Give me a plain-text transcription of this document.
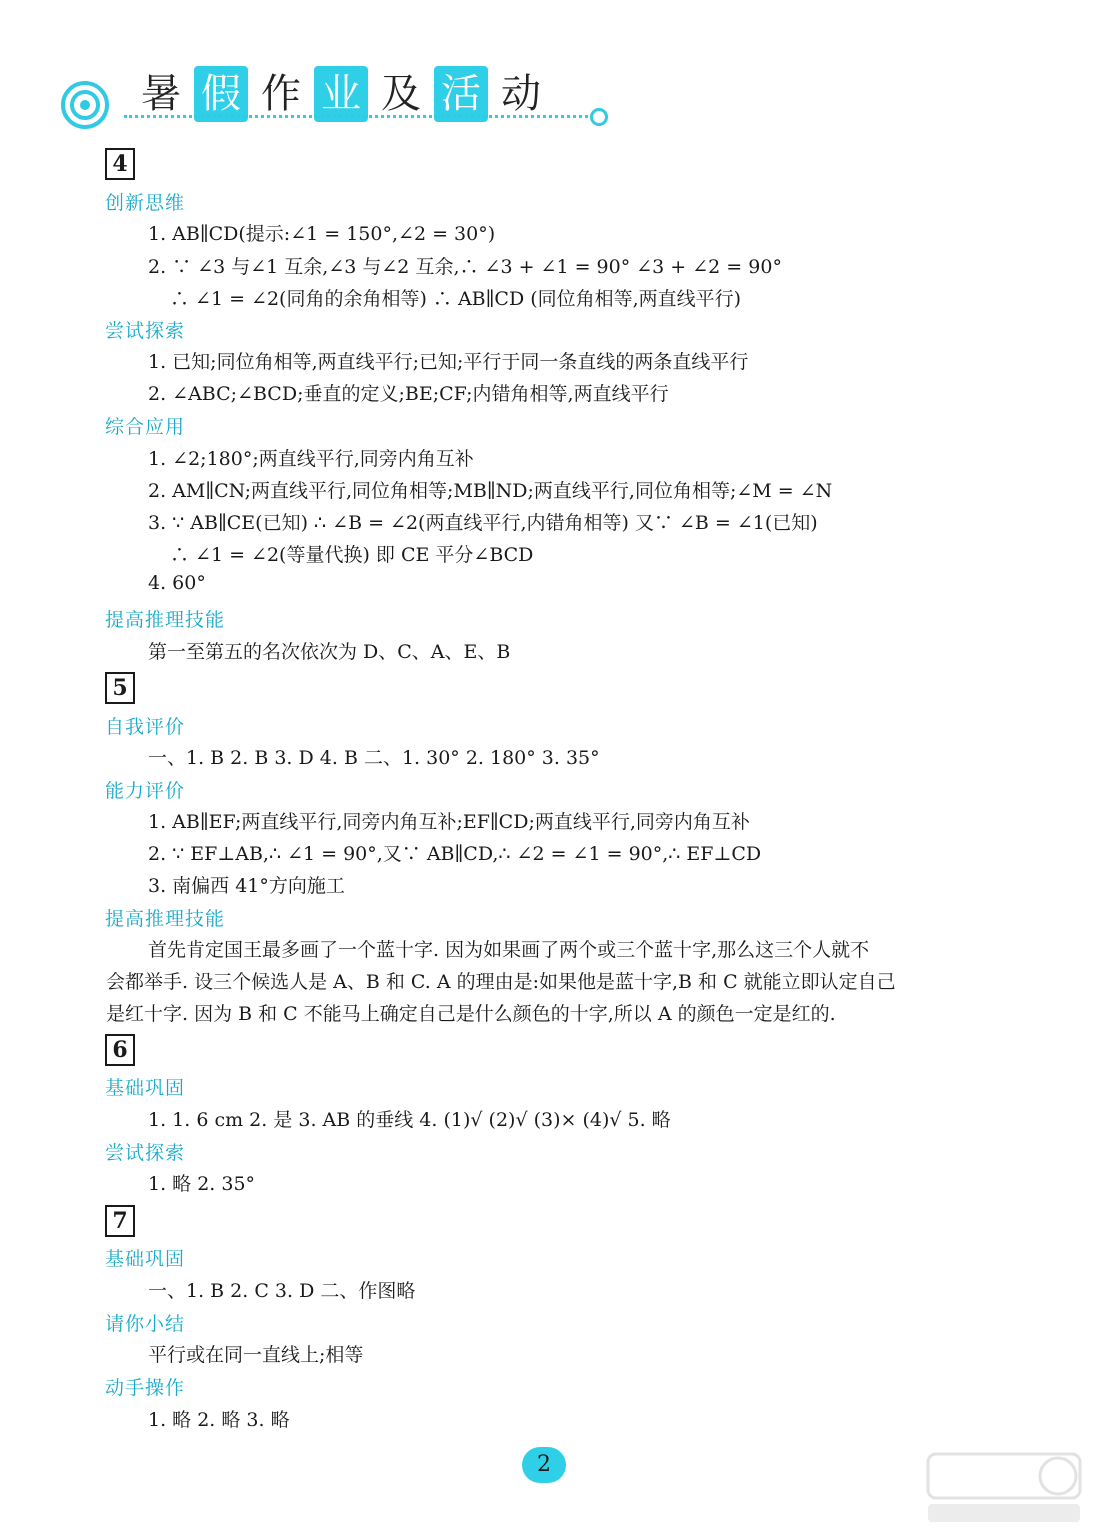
暑 假 作 业 及 活 动
4
创新思维
1. AB∥CD(提示:∠1 = 150°,∠2 = 30°)
2. ∵ ∠3 与∠1 互余,∠3 与∠2 互余,∴ ∠3 + ∠1 = 90° ∠3 + ∠2 = 90°
∴ ∠1 = ∠2(同角的余角相等) ∴ AB∥CD (同位角相等,两直线平行)
尝试探索
1. 已知;同位角相等,两直线平行;已知;平行于同一条直线的两条直线平行
2. ∠ABC;∠BCD;垂直的定义;BE;CF;内错角相等,两直线平行
综合应用
1. ∠2;180°;两直线平行,同旁内角互补
2. AM∥CN;两直线平行,同位角相等;MB∥ND;两直线平行,同位角相等;∠M = ∠N
3. ∵ AB∥CE(已知) ∴ ∠B = ∠2(两直线平行,内错角相等) 又∵ ∠B = ∠1(已知)
∴ ∠1 = ∠2(等量代换) 即 CE 平分∠BCD
4. 60°
提高推理技能
第一至第五的名次依次为 D、C、A、E、B
5
自我评价
一、1. B 2. B 3. D 4. B 二、1. 30° 2. 180° 3. 35°
能力评价
1. AB∥EF;两直线平行,同旁内角互补;EF∥CD;两直线平行,同旁内角互补
2. ∵ EF⊥AB,∴ ∠1 = 90°,又∵ AB∥CD,∴ ∠2 = ∠1 = 90°,∴ EF⊥CD
3. 南偏西 41°方向施工
提高推理技能
首先肯定国王最多画了一个蓝十字. 因为如果画了两个或三个蓝十字,那么这三个人就不
会都举手. 设三个候选人是 A、B 和 C. A 的理由是:如果他是蓝十字,B 和 C 就能立即认定自己
是红十字. 因为 B 和 C 不能马上确定自己是什么颜色的十字,所以 A 的颜色一定是红的.
6
基础巩固
1. 1. 6 cm 2. 是 3. AB 的垂线 4. (1)√ (2)√ (3)× (4)√ 5. 略
尝试探索
1. 略 2. 35°
7
基础巩固
一、1. B 2. C 3. D 二、作图略
请你小结
平行或在同一直线上;相等
动手操作
1. 略 2. 略 3. 略
2
